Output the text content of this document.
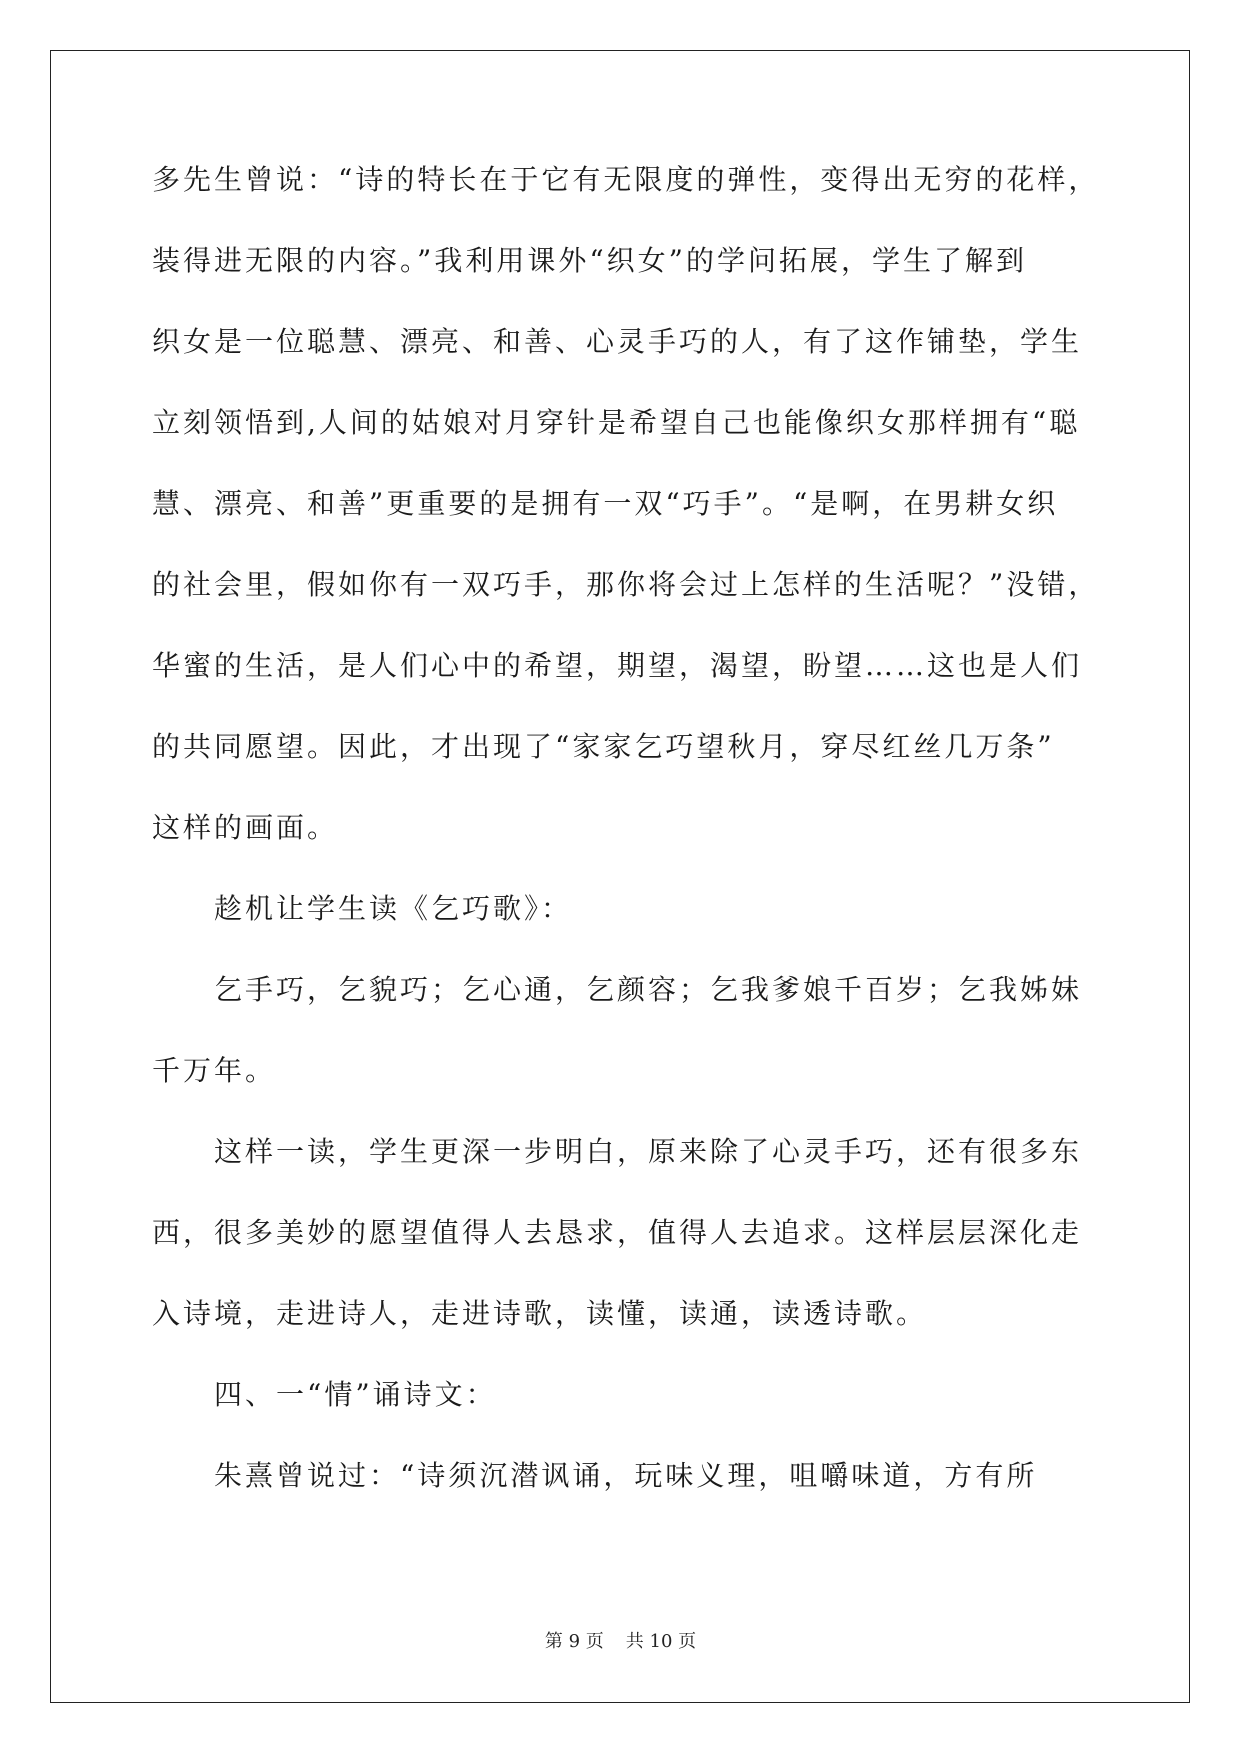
多先生曾说：“诗的特长在于它有无限度的弹性，变得出无穷的花样，
装得进无限的内容。”我利用课外“织女”的学问拓展，学生了解到
织女是一位聪慧、漂亮、和善、心灵手巧的人，有了这作铺垫，学生
立刻领悟到,人间的姑娘对月穿针是希望自己也能像织女那样拥有“聪
慧、漂亮、和善”更重要的是拥有一双“巧手”。“是啊，在男耕女织
的社会里，假如你有一双巧手，那你将会过上怎样的生活呢？”没错，
华蜜的生活，是人们心中的希望，期望，渴望，盼望……这也是人们
的共同愿望。因此，才出现了“家家乞巧望秋月，穿尽红丝几万条”
这样的画面。
趁机让学生读《乞巧歌》：
乞手巧，乞貌巧；乞心通，乞颜容；乞我爹娘千百岁；乞我姊妹
千万年。
这样一读，学生更深一步明白，原来除了心灵手巧，还有很多东
西，很多美妙的愿望值得人去恳求，值得人去追求。这样层层深化走
入诗境，走进诗人，走进诗歌，读懂，读通，读透诗歌。
四、一“情”诵诗文：
朱熹曾说过：“诗须沉潜讽诵，玩味义理，咀嚼味道，方有所
第 9 页 共 10 页
